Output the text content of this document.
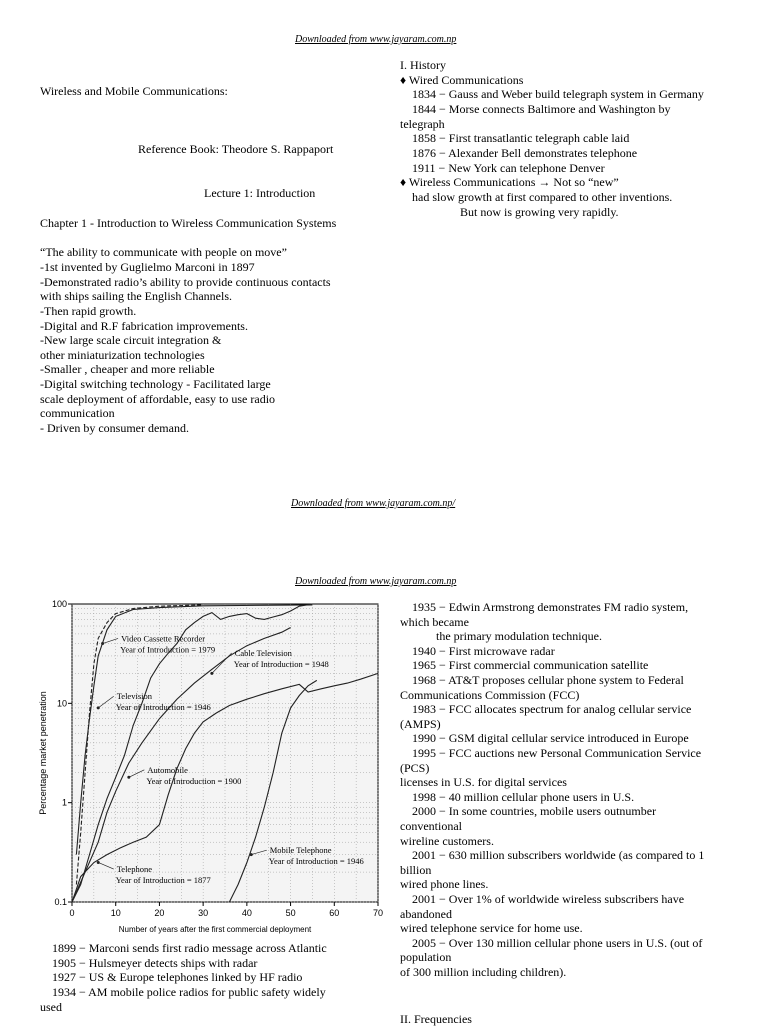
Downloaded from www.jayaram.com.np
Wireless and Mobile Communications:
Reference Book: Theodore S. Rappaport
Lecture 1: Introduction
Chapter 1 - Introduction to Wireless Communication Systems
“The ability to communicate with people on move”
-1st invented by Guglielmo Marconi in 1897
-Demonstrated radio’s ability to provide continuous contacts
with ships sailing the English Channels.
-Then rapid growth.
-Digital and R.F fabrication improvements.
-New large scale circuit integration &
other miniaturization technologies
-Smaller , cheaper and more reliable
-Digital switching technology - Facilitated large
scale deployment of affordable, easy to use radio
communication
- Driven by consumer demand.
I. History
♦ Wired Communications
1834 − Gauss and Weber build telegraph system in Germany
1844 − Morse connects Baltimore and Washington by
telegraph
1858 − First transatlantic telegraph cable laid
1876 − Alexander Bell demonstrates telephone
1911 − New York can telephone Denver
♦ Wireless Communications → Not so “new”
had slow growth at first compared to other inventions.
But now is growing very rapidly.
Downloaded from www.jayaram.com.np/
Downloaded from www.jayaram.com.np
0	10	20	30	40	50	60	70
0.1
1
10
100
Number of years after the first commercial deployment
Percentage market penetration
Video Cassette Recorder
Year of Introduction = 1979
Television
Year of Introduction = 1946
Cable Television
Year of Introduction = 1948
Automobile
Year of Introduction = 1900
Telephone
Year of Introduction = 1877
Mobile Telephone
Year of Introduction = 1946
1899 − Marconi sends first radio message across Atlantic
1905 − Hulsmeyer detects ships with radar
1927 − US & Europe telephones linked by HF radio
1934 − AM mobile police radios for public safety widely
used
1935 − Edwin Armstrong demonstrates FM radio system,
which became
the primary modulation technique.
1940 − First microwave radar
1965 − First commercial communication satellite
1968 − AT&T proposes cellular phone system to Federal
Communications Commission (FCC)
1983 − FCC allocates spectrum for analog cellular service
(AMPS)
1990 − GSM digital cellular service introduced in Europe
1995 − FCC auctions new Personal Communication Service
(PCS)
licenses in U.S. for digital services
1998 − 40 million cellular phone users in U.S.
2000 − In some countries, mobile users outnumber
conventional
wireline customers.
2001 − 630 million subscribers worldwide (as compared to 1
billion
wired phone lines.
2001 − Over 1% of worldwide wireless subscribers have
abandoned
wired telephone service for home use.
2005 − Over 130 million cellular phone users in U.S. (out of
population
of 300 million including children).
II. Frequencies
